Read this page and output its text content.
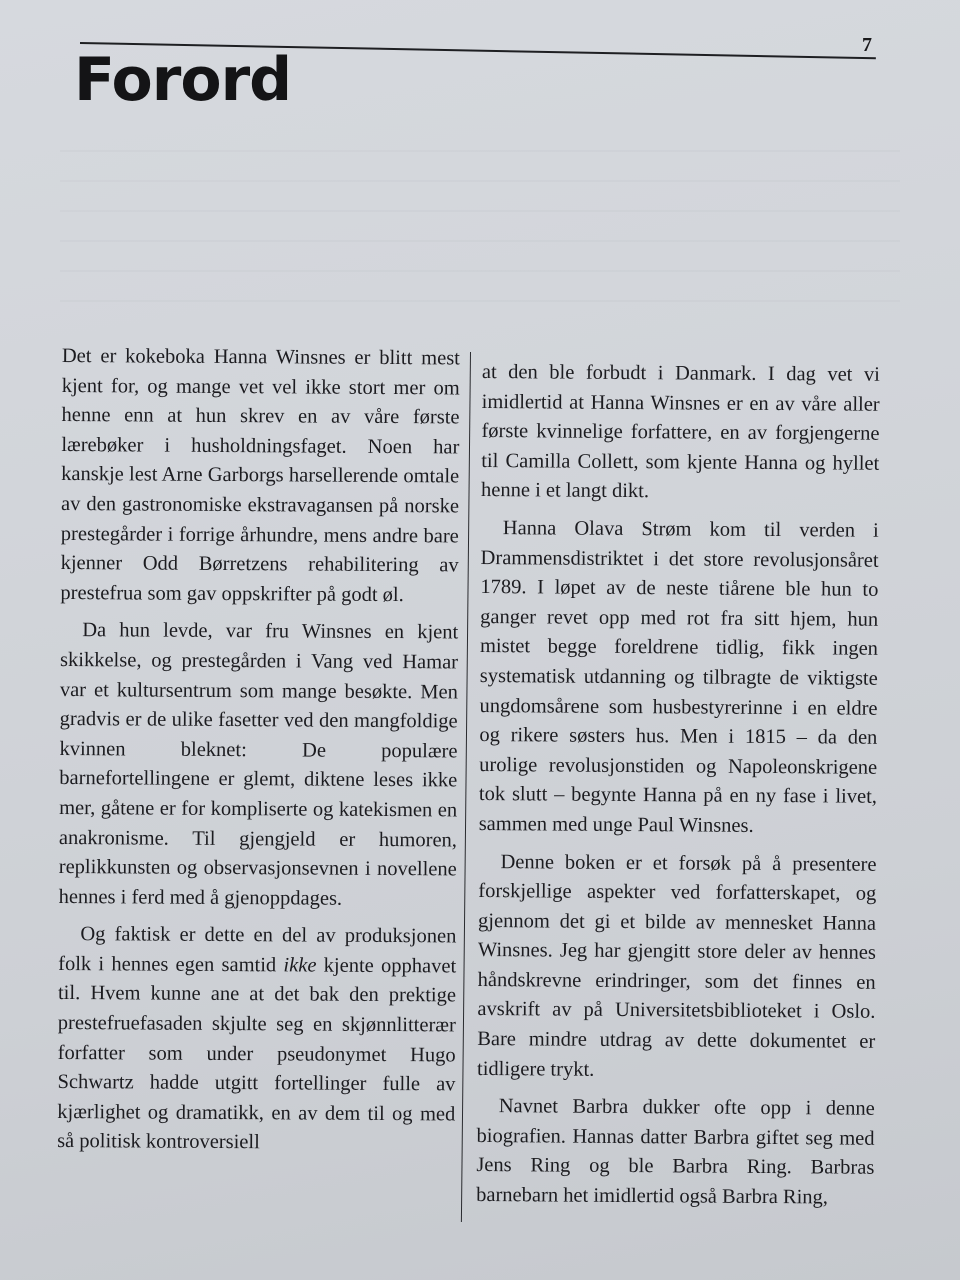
7
Forord

Det er kokeboka Hanna Winsnes er blitt mest kjent for, og mange vet vel ikke stort mer om henne enn at hun skrev en av våre første lærebøker i husholdningsfaget. Noen har kanskje lest Arne Garborgs harsellerende omtale av den gastronomiske ekstravagansen på norske prestegårder i forrige århundre, mens andre bare kjenner Odd Børretzens rehabilitering av prestefrua som gav oppskrifter på godt øl.

Da hun levde, var fru Winsnes en kjent skikkelse, og prestegården i Vang ved Hamar var et kultursentrum som mange besøkte. Men gradvis er de ulike fasetter ved den mangfoldige kvinnen bleknet: De populære barnefortellingene er glemt, diktene leses ikke mer, gåtene er for kompliserte og katekismen en anakronisme. Til gjengjeld er humoren, replikkunsten og observasjonsevnen i novellene hennes i ferd med å gjenoppdages.

Og faktisk er dette en del av produksjonen folk i hennes egen samtid ikke kjente opphavet til. Hvem kunne ane at det bak den prektige prestefruefasaden skjulte seg en skjønnlitterær forfatter som under pseudonymet Hugo Schwartz hadde utgitt fortellinger fulle av kjærlighet og dramatikk, en av dem til og med så politisk kontroversiell

at den ble forbudt i Danmark. I dag vet vi imidlertid at Hanna Winsnes er en av våre aller første kvinnelige forfattere, en av forgjengerne til Camilla Collett, som kjente Hanna og hyllet henne i et langt dikt.

Hanna Olava Strøm kom til verden i Drammensdistriktet i det store revolusjonsåret 1789. I løpet av de neste tiårene ble hun to ganger revet opp med rot fra sitt hjem, hun mistet begge foreldrene tidlig, fikk ingen systematisk utdanning og tilbragte de viktigste ungdomsårene som husbestyrerinne i en eldre og rikere søsters hus. Men i 1815 – da den urolige revolusjonstiden og Napoleonskrigene tok slutt – begynte Hanna på en ny fase i livet, sammen med unge Paul Winsnes.

Denne boken er et forsøk på å presentere forskjellige aspekter ved forfatterskapet, og gjennom det gi et bilde av mennesket Hanna Winsnes. Jeg har gjengitt store deler av hennes håndskrevne erindringer, som det finnes en avskrift av på Universitetsbiblioteket i Oslo. Bare mindre utdrag av dette dokumentet er tidligere trykt.

Navnet Barbra dukker ofte opp i denne biografien. Hannas datter Barbra giftet seg med Jens Ring og ble Barbra Ring. Barbras barnebarn het imidlertid også Barbra Ring,
